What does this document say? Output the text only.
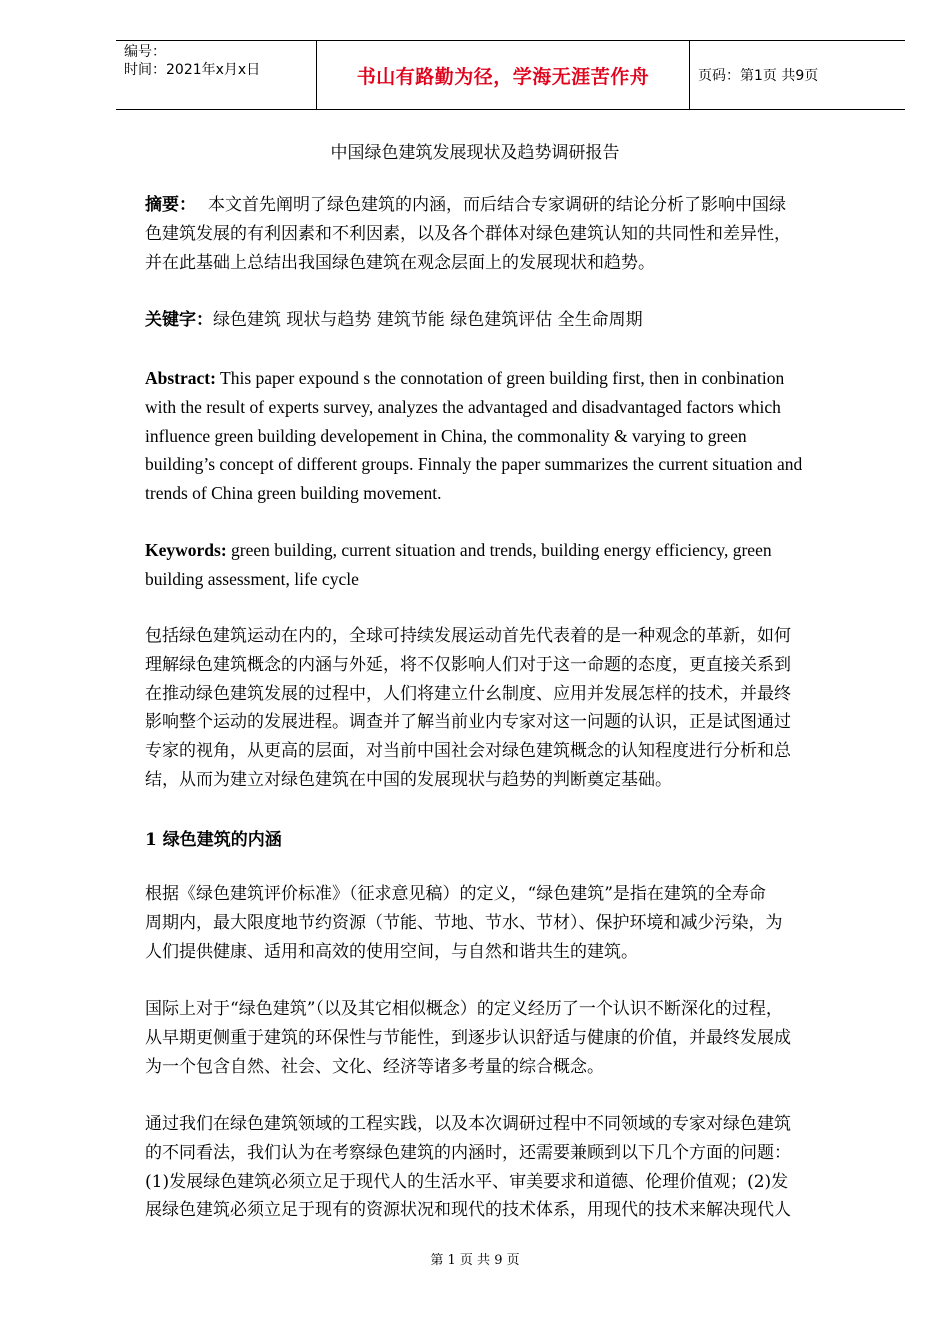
编号：
时间：2021年x月x日	书山有路勤为径，学海无涯苦作舟	页码：第1页 共9页
中国绿色建筑发展现状及趋势调研报告

摘要： 本文首先阐明了绿色建筑的内涵，而后结合专家调研的结论分析了影响中国绿

色建筑发展的有利因素和不利因素，以及各个群体对绿色建筑认知的共同性和差异性，

并在此基础上总结出我国绿色建筑在观念层面上的发展现状和趋势。

关键字：绿色建筑 现状与趋势 建筑节能 绿色建筑评估 全生命周期

Abstract: This paper expound s the connotation of green building first, then in conbination

with the result of experts survey, analyzes the advantaged and disadvantaged factors which

influence green building developement in China, the commonality & varying to green

building’s concept of different groups. Finnaly the paper summarizes the current situation and

trends of China green building movement.

Keywords: green building, current situation and trends, building energy efficiency, green

building assessment, life cycle

包括绿色建筑运动在内的，全球可持续发展运动首先代表着的是一种观念的革新，如何

理解绿色建筑概念的内涵与外延，将不仅影响人们对于这一命题的态度，更直接关系到

在推动绿色建筑发展的过程中，人们将建立什幺制度、应用并发展怎样的技术，并最终

影响整个运动的发展进程。调查并了解当前业内专家对这一问题的认识，正是试图通过

专家的视角，从更高的层面，对当前中国社会对绿色建筑概念的认知程度进行分析和总

结，从而为建立对绿色建筑在中国的发展现状与趋势的判断奠定基础。

1 绿色建筑的内涵

根据《绿色建筑评价标准》（征求意见稿）的定义，“绿色建筑”是指在建筑的全寿命

周期内，最大限度地节约资源（节能、节地、节水、节材）、保护环境和减少污染，为

人们提供健康、适用和高效的使用空间，与自然和谐共生的建筑。

国际上对于“绿色建筑”（以及其它相似概念）的定义经历了一个认识不断深化的过程，

从早期更侧重于建筑的环保性与节能性，到逐步认识舒适与健康的价值，并最终发展成

为一个包含自然、社会、文化、经济等诸多考量的综合概念。

通过我们在绿色建筑领域的工程实践，以及本次调研过程中不同领域的专家对绿色建筑

的不同看法，我们认为在考察绿色建筑的内涵时，还需要兼顾到以下几个方面的问题：

(1)发展绿色建筑必须立足于现代人的生活水平、审美要求和道德、伦理价值观；(2)发

展绿色建筑必须立足于现有的资源状况和现代的技术体系，用现代的技术来解决现代人

第 1 页 共 9 页
